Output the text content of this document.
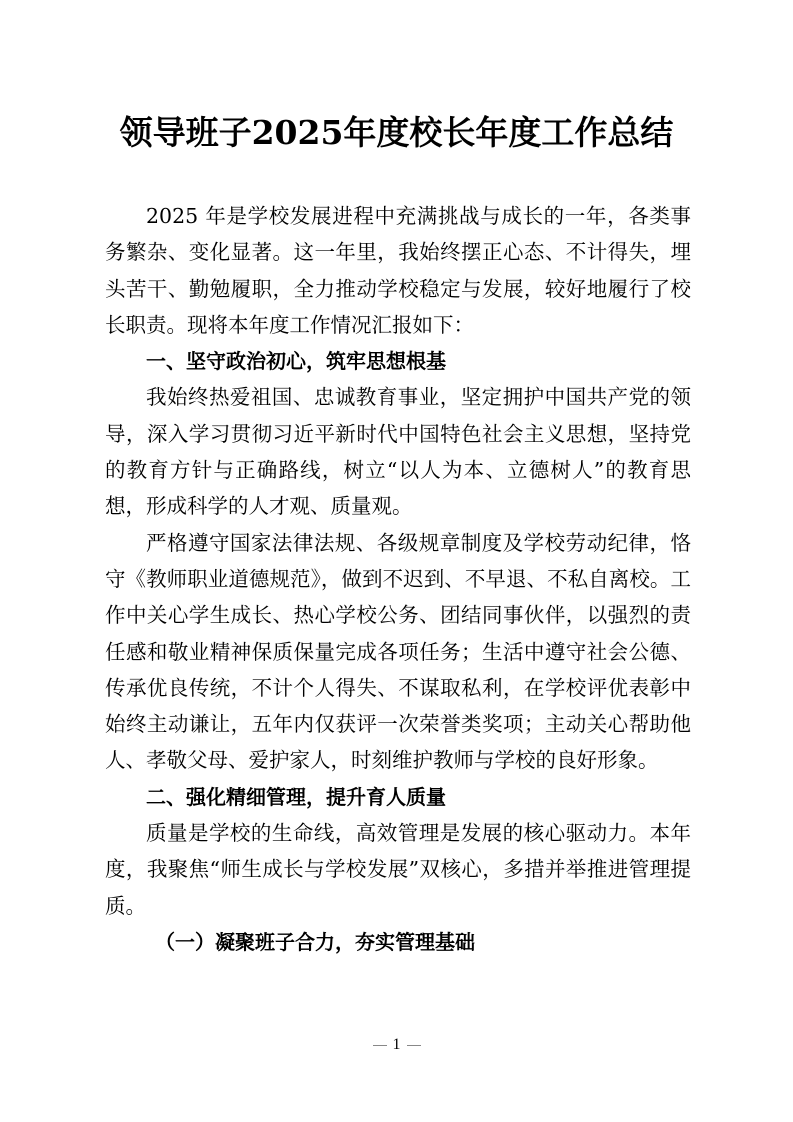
领导班子2025年度校长年度工作总结

2025 年是学校发展进程中充满挑战与成长的一年，各类事务繁杂、变化显著。这一年里，我始终摆正心态、不计得失，埋头苦干、勤勉履职，全力推动学校稳定与发展，较好地履行了校长职责。现将本年度工作情况汇报如下：

一、坚守政治初心，筑牢思想根基

我始终热爱祖国、忠诚教育事业，坚定拥护中国共产党的领导，深入学习贯彻习近平新时代中国特色社会主义思想，坚持党的教育方针与正确路线，树立“以人为本、立德树人”的教育思想，形成科学的人才观、质量观。

严格遵守国家法律法规、各级规章制度及学校劳动纪律，恪守《教师职业道德规范》，做到不迟到、不早退、不私自离校。工作中关心学生成长、热心学校公务、团结同事伙伴，以强烈的责任感和敬业精神保质保量完成各项任务；生活中遵守社会公德、传承优良传统，不计个人得失、不谋取私利，在学校评优表彰中始终主动谦让，五年内仅获评一次荣誉类奖项；主动关心帮助他人、孝敬父母、爱护家人，时刻维护教师与学校的良好形象。

二、强化精细管理，提升育人质量

质量是学校的生命线，高效管理是发展的核心驱动力。本年度，我聚焦“师生成长与学校发展”双核心，多措并举推进管理提质。

（一）凝聚班子合力，夯实管理基础

1
